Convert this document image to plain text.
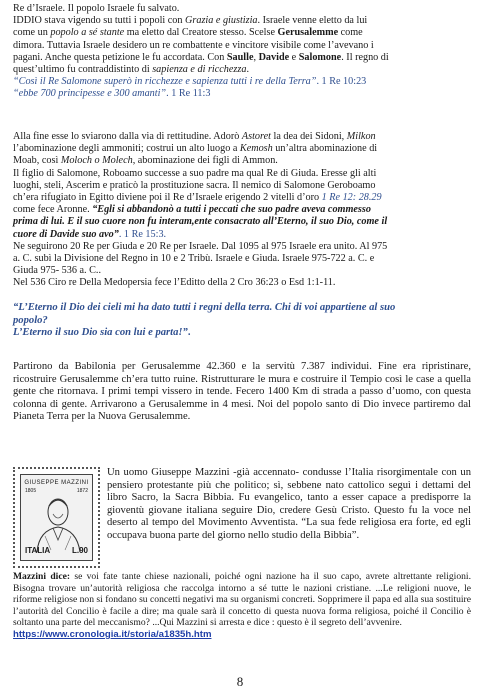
Re d’Israele. Il popolo Israele fu salvato.

IDDIO stava vigendo su tutti i popoli con Grazia e giustizia. Israele venne eletto da lui

come un popolo a sé stante ma eletto dal Creatore stesso. Scelse Gerusalemme come

dimora. Tuttavia Israele desidero un re combattente e vincitore visibile come l’avevano i

pagani. Anche questa petizione le fu accordata. Con Saulle, Davide e Salomone. Il regno di

quest’ultimo fu contraddistinto di sapienza e di ricchezza.

“Così il Re Salomone superò in ricchezze e sapienza tutti i re della Terra”. 1 Re 10:23

“ebbe 700 principesse e 300 amanti”. 1 Re 11:3

Alla fine esse lo sviarono dalla via di rettitudine. Adorò Astoret la dea dei Sidoni, Milkon

l’abominazione degli ammoniti; costrui un alto luogo a Kemosh un’altra abominazione di

Moab, così Moloch o Molech, abominazione dei figli di Ammon.

Il figlio di Salomone, Roboamo successe a suo padre ma qual Re di Giuda. Eresse gli alti

luoghi, steli, Ascerim e praticò la prostituzione sacra. Il nemico di Salomone Geroboamo

ch’era rifugiato in Egitto diviene poi il Re d’Israele erigendo 2 vitelli d’oro 1 Re 12: 28.29

come fece Aronne. “Egli si abbandonò a tutti i peccati che suo padre aveva commesso

prima di lui. E il suo cuore non fu interam,ente consacrato all’Eterno, il suo Dio, come il

cuore di Davide suo avo”. 1 Re 15:3.

Ne seguirono 20 Re per Giuda e 20 Re per Israele. Dal 1095 al 975 Israele era unito. Al 975

a. C. subì la Divisione del Regno in 10 e 2 Tribù. Israele e Giuda. Israele 975-722 a. C. e

Giuda 975- 536 a. C..

Nel 536 Ciro re Della Medopersia fece l’Editto della 2 Cro 36:23 o Esd 1:1-11.

“L’Eterno il Dio dei cieli mi ha dato tutti i regni della terra. Chi di voi appartiene al suo

popolo?

L’Eterno il suo Dio sia con lui e parta!”.

Partirono da Babilonia per Gerusalemme 42.360 e la servitù 7.387 individui. Fine era ripristinare, ricostruire Gerusalemme ch’era tutto ruine. Ristrutturare le mura e costruire il Tempio così le case a quella gente che ritornava. I primi tempi vissero in tende. Fecero 1400 Km di strada a passo d’uomo, con questa colonna di gente. Arrivarono a Gerusalemme in 4 mesi. Noi del popolo santo di Dio invece partiremo dal Pianeta Terra per la Nuova Gerusalemme.

GIUSEPPE MAZZINI
1805	1872
ITALIA	L.90

Un uomo Giuseppe Mazzini -già accennato- condusse l’Italia risorgimentale con un pensiero protestante più che politico; sì, sebbene nato cattolico seguì i dettami del libro Sacro, la Sacra Bibbia. Fu evangelico, tanto a esser capace a predisporre la gioventù giovane italiana seguire Dio, credere Gesù Cristo. Questo fu la voce nel deserto al tempo del Movimento Avventista. “La sua fede religiosa era forte, ed egli occupava buona parte del giorno nello studio della Bibbia”.

Mazzini dice: se voi fate tante chiese nazionali, poiché ogni nazione ha il suo capo, avrete altrettante religioni. Bisogna trovare un’autorità religiosa che raccolga intorno a sé tutte le nazioni cristiane. ...Le religioni nuove, le riforme religiose non si fondano su concetti negativi ma su organismi concreti. Sopprimere il papa ed alla sua sostituire l’autorità del Concilio è facile a dire; ma quale sarà il concetto di questa nuova forma religiosa, poiché il Concilio è soltanto una parte del meccanismo? ...Qui Mazzini si arresta e dice : questo è il segreto dell’avvenire.
https://www.cronologia.it/storia/a1835h.htm

8
